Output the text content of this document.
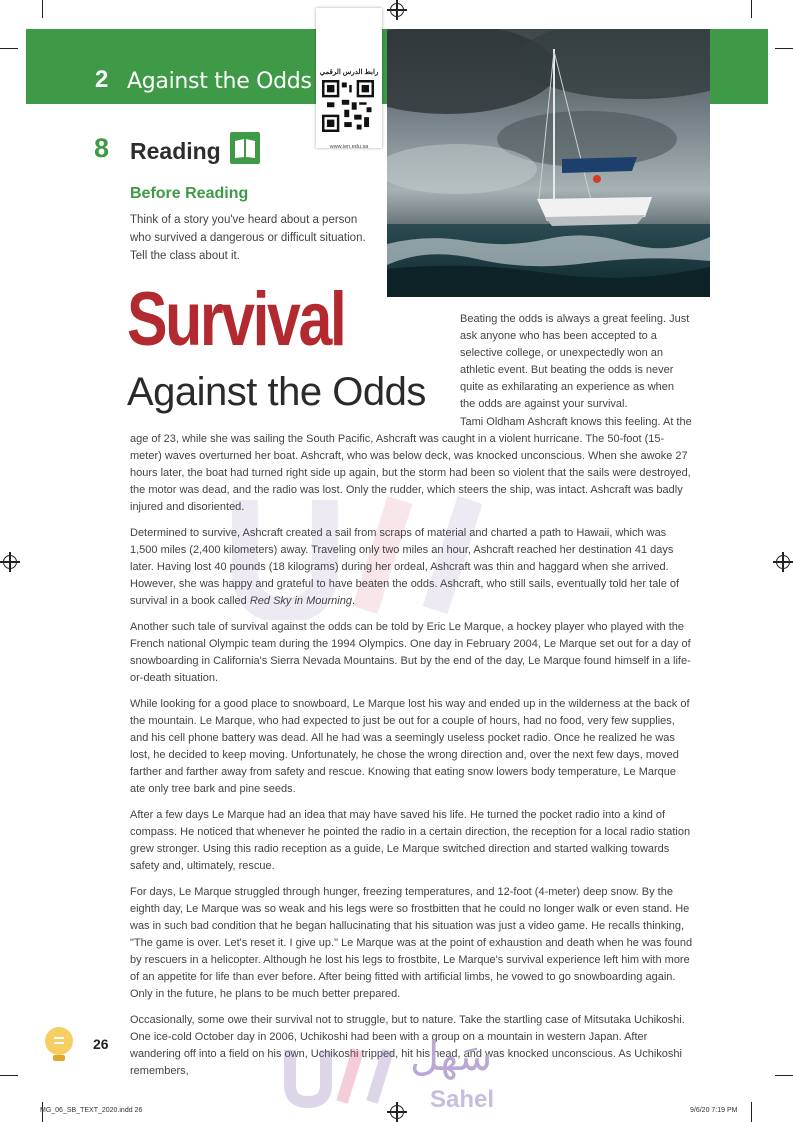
2 Against the Odds	رابط الدرس الرقمي
www.ien.edu.sa
8 Reading
Before Reading
Think of a story you've heard about a person who survived a dangerous or difficult situation. Tell the class about it.
Survival
Against the Odds
Beating the odds is always a great feeling. Just ask anyone who has been accepted to a selective college, or unexpectedly won an athletic event. But beating the odds is never quite as exhilarating an experience as when the odds are against your survival.

Tami Oldham Ashcraft knows this feeling. At the
age of 23, while she was sailing the South Pacific, Ashcraft was caught in a violent hurricane. The 50-foot (15-meter) waves overturned her boat. Ashcraft, who was below deck, was knocked unconscious. When she awoke 27 hours later, the boat had turned right side up again, but the storm had been so violent that the sails were destroyed, the motor was dead, and the radio was lost. Only the rudder, which steers the ship, was intact. Ashcraft was badly injured and disoriented.

Determined to survive, Ashcraft created a sail from scraps of material and charted a path to Hawaii, which was 1,500 miles (2,400 kilometers) away. Traveling only two miles an hour, Ashcraft reached her destination 41 days later. Having lost 40 pounds (18 kilograms) during her ordeal, Ashcraft was thin and haggard when she arrived. However, she was happy and grateful to have beaten the odds. Ashcraft, who still sails, eventually told her tale of survival in a book called Red Sky in Mourning.

Another such tale of survival against the odds can be told by Eric Le Marque, a hockey player who played with the French national Olympic team during the 1994 Olympics. One day in February 2004, Le Marque set out for a day of snowboarding in California's Sierra Nevada Mountains. But by the end of the day, Le Marque found himself in a life-or-death situation.

While looking for a good place to snowboard, Le Marque lost his way and ended up in the wilderness at the back of the mountain. Le Marque, who had expected to just be out for a couple of hours, had no food, very few supplies, and his cell phone battery was dead. All he had was a seemingly useless pocket radio. Once he realized he was lost, he decided to keep moving. Unfortunately, he chose the wrong direction and, over the next few days, moved farther and farther away from safety and rescue. Knowing that eating snow lowers body temperature, Le Marque ate only tree bark and pine seeds.

After a few days Le Marque had an idea that may have saved his life. He turned the pocket radio into a kind of compass. He noticed that whenever he pointed the radio in a certain direction, the reception for a local radio station grew stronger. Using this radio reception as a guide, Le Marque switched direction and started walking towards safety and, ultimately, rescue.

For days, Le Marque struggled through hunger, freezing temperatures, and 12-foot (4-meter) deep snow. By the eighth day, Le Marque was so weak and his legs were so frostbitten that he could no longer walk or even stand. He was in such bad condition that he began hallucinating that his situation was just a video game. He recalls thinking, "The game is over. Let's reset it. I give up." Le Marque was at the point of exhaustion and death when he was found by rescuers in a helicopter. Although he lost his legs to frostbite, Le Marque's survival experience left him with more of an appetite for life than ever before. After being fitted with artificial limbs, he vowed to go snowboarding again. Only in the future, he plans to be much better prepared.

Occasionally, some owe their survival not to struggle, but to nature. Take the startling case of Mitsutaka Uchikoshi. One ice-cold October day in 2006, Uchikoshi had been with a group on a mountain in western Japan. After wandering off into a field on his own, Uchikoshi tripped, hit his head, and was knocked unconscious. As Uchikoshi remembers,

26	سَهل
Sahel
MG_06_SB_TEXT_2020.indd 26	9/6/20 7:19 PM
